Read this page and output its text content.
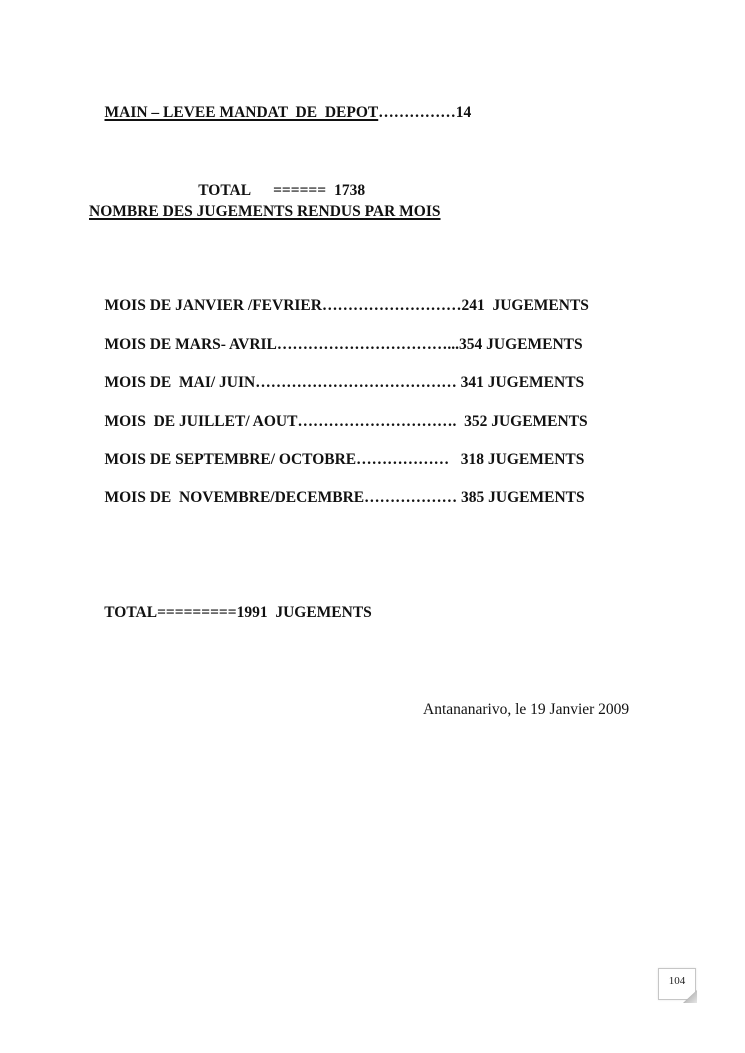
MAIN – LEVEE MANDAT  DE  DEPOT……………14

TOTAL ====== 1738

NOMBRE DES JUGEMENTS RENDUS PAR MOIS

MOIS DE JANVIER /FEVRIER………………………241  JUGEMENTS

MOIS DE MARS- AVRIL……………………………...354 JUGEMENTS

MOIS DE  MAI/ JUIN………………………………… 341 JUGEMENTS

MOIS  DE JUILLET/ AOUT………………………….  352 JUGEMENTS

MOIS DE SEPTEMBRE/ OCTOBRE………………   318 JUGEMENTS

MOIS DE  NOVEMBRE/DECEMBRE……………… 385 JUGEMENTS

TOTAL=========1991  JUGEMENTS

Antananarivo, le 19 Janvier 2009
104
